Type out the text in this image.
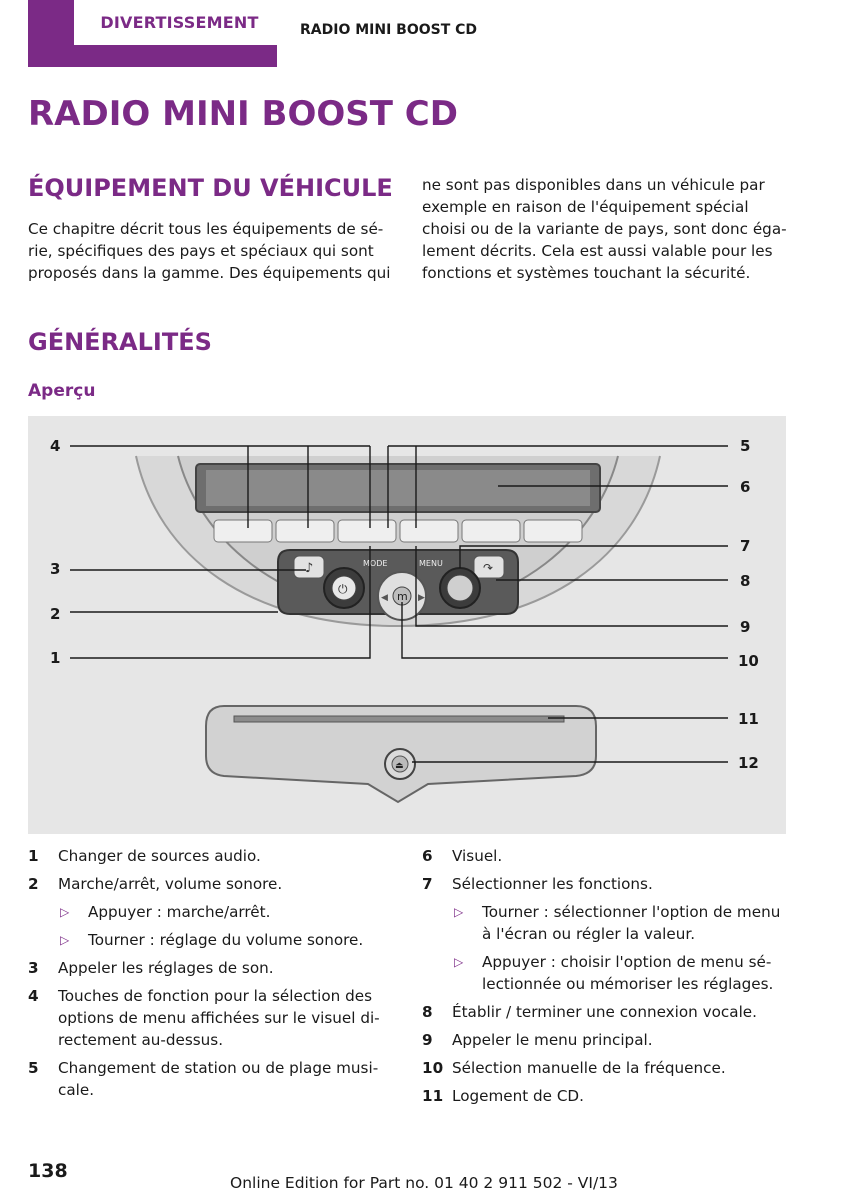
DIVERTISSEMENT	RADIO MINI BOOST CD
RADIO MINI BOOST CD
ÉQUIPEMENT DU VÉHICULE
Ce chapitre décrit tous les équipements de sé-
rie, spécifiques des pays et spéciaux qui sont
proposés dans la gamme. Des équipements qui
ne sont pas disponibles dans un véhicule par
exemple en raison de l'équipement spécial
choisi ou de la variante de pays, sont donc éga-
lement décrits. Cela est aussi valable pour les
fonctions et systèmes touchant la sécurité.
GÉNÉRALITÉS
Aperçu
♪	↷
⏻
m
◀	▶
MODE	MENU
⏏
4	5
6
7
3
8
2
9
1	10
11
12
1 Changer de sources audio.
2 Marche/arrêt, volume sonore.
▷ Appuyer : marche/arrêt.
▷ Tourner : réglage du volume sonore.
3 Appeler les réglages de son.
4 Touches de fonction pour la sélection des
options de menu affichées sur le visuel di-
rectement au-dessus.
5 Changement de station ou de plage musi-
cale.
6 Visuel.
7 Sélectionner les fonctions.
▷ Tourner : sélectionner l'option de menu
à l'écran ou régler la valeur.
▷ Appuyer : choisir l'option de menu sé-
lectionnée ou mémoriser les réglages.
8 Établir / terminer une connexion vocale.
9 Appeler le menu principal.
10 Sélection manuelle de la fréquence.
11 Logement de CD.
138
Online Edition for Part no. 01 40 2 911 502 - VI/13
